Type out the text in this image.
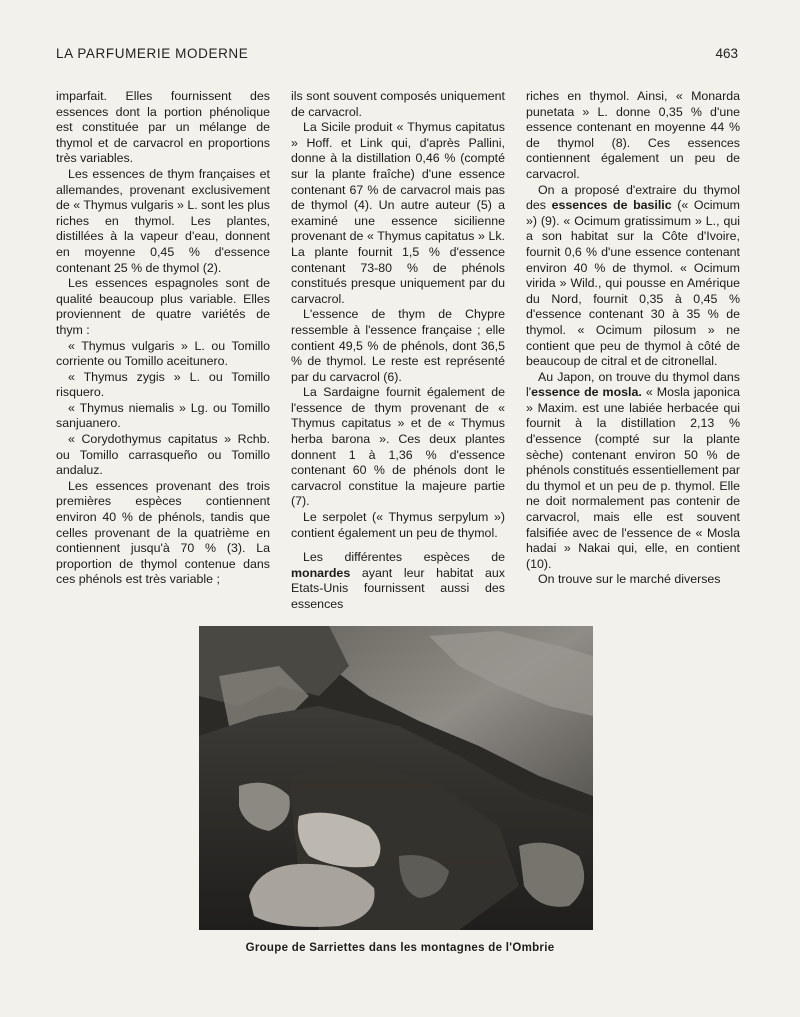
LA PARFUMERIE MODERNE	463

imparfait. Elles fournissent des essences dont la portion phénolique est constituée par un mélange de thymol et de carvacrol en proportions très variables.

Les essences de thym françaises et allemandes, provenant exclusivement de « Thymus vulgaris » L. sont les plus riches en thymol. Les plantes, distillées à la vapeur d'eau, donnent en moyenne 0,45 % d'essence contenant 25 % de thymol (2).

Les essences espagnoles sont de qualité beaucoup plus variable. Elles proviennent de quatre variétés de thym :

« Thymus vulgaris » L. ou Tomillo corriente ou Tomillo aceitunero.

« Thymus zygis » L. ou Tomillo risquero.

« Thymus niemalis » Lg. ou Tomillo sanjuanero.

« Corydothymus capitatus » Rchb. ou Tomillo carrasqueño ou Tomillo andaluz.

Les essences provenant des trois premières espèces contiennent environ 40 % de phénols, tandis que celles provenant de la quatrième en contiennent jusqu'à 70 % (3). La proportion de thymol contenue dans ces phénols est très variable ;

ils sont souvent composés uniquement de carvacrol.

La Sicile produit « Thymus capitatus » Hoff. et Link qui, d'après Pallini, donne à la distillation 0,46 % (compté sur la plante fraîche) d'une essence contenant 67 % de carvacrol mais pas de thymol (4). Un autre auteur (5) a examiné une essence sicilienne provenant de « Thymus capitatus » Lk. La plante fournit 1,5 % d'essence contenant 73-80 % de phénols constitués presque uniquement par du carvacrol.

L'essence de thym de Chypre ressemble à l'essence française ; elle contient 49,5 % de phénols, dont 36,5 % de thymol. Le reste est représenté par du carvacrol (6).

La Sardaigne fournit également de l'essence de thym provenant de « Thymus capitatus » et de « Thymus herba barona ». Ces deux plantes donnent 1 à 1,36 % d'essence contenant 60 % de phénols dont le carvacrol constitue la majeure partie (7).

Le serpolet (« Thymus serpylum ») contient également un peu de thymol.

Les différentes espèces de monardes ayant leur habitat aux Etats-Unis fournissent aussi des essences

riches en thymol. Ainsi, « Monarda punetata » L. donne 0,35 % d'une essence contenant en moyenne 44 % de thymol (8). Ces essences contiennent également un peu de carvacrol.

On a proposé d'extraire du thymol des essences de basilic (« Ocimum ») (9). « Ocimum gratissimum » L., qui a son habitat sur la Côte d'Ivoire, fournit 0,6 % d'une essence contenant environ 40 % de thymol. « Ocimum virida » Wild., qui pousse en Amérique du Nord, fournit 0,35 à 0,45 % d'essence contenant 30 à 35 % de thymol. « Ocimum pilosum » ne contient que peu de thymol à côté de beaucoup de citral et de citronellal.

Au Japon, on trouve du thymol dans l'essence de mosla. « Mosla japonica » Maxim. est une labiée herbacée qui fournit à la distillation 2,13 % d'essence (compté sur la plante sèche) contenant environ 50 % de phénols constitués essentiellement par du thymol et un peu de p. thymol. Elle ne doit normalement pas contenir de carvacrol, mais elle est souvent falsifiée avec de l'essence de « Mosla hadai » Nakai qui, elle, en contient (10).

On trouve sur le marché diverses

Groupe de Sarriettes dans les montagnes de l'Ombrie
